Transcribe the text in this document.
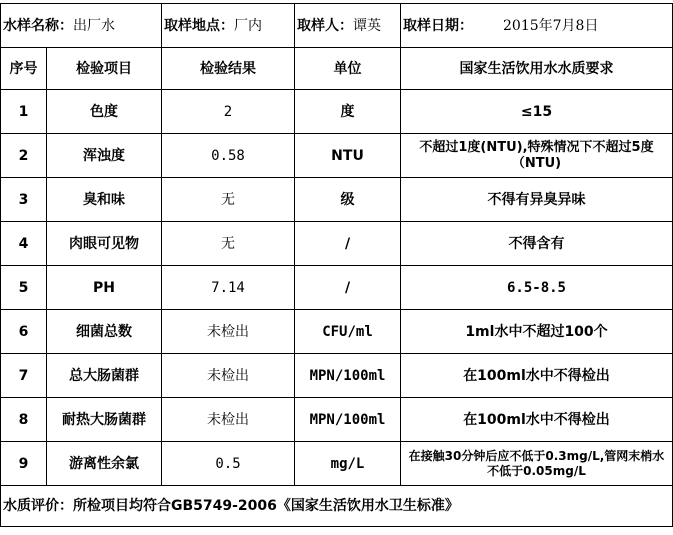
水样名称：出厂水		取样地点：厂内	取样人：谭英	取样日期： 2015年7月8日
序号	检验项目	检验结果	单位	国家生活饮用水水质要求
1	色度	2	度	≤15
2	浑浊度	0.58	NTU	不超过1度(NTU),特殊情况下不超过5度（NTU)
3	臭和味	无	级	不得有异臭异味
4	肉眼可见物	无	/	不得含有
5	PH	7.14	/	6.5-8.5
6	细菌总数	未检出	CFU/ml	1ml水中不超过100个
7	总大肠菌群	未检出	MPN/100ml	在100ml水中不得检出
8	耐热大肠菌群	未检出	MPN/100ml	在100ml水中不得检出
9	游离性余氯	0.5	mg/L	在接触30分钟后应不低于0.3mg/L,管网末梢水不低于0.05mg/L
水质评价：所检项目均符合GB5749-2006《国家生活饮用水卫生标准》				
